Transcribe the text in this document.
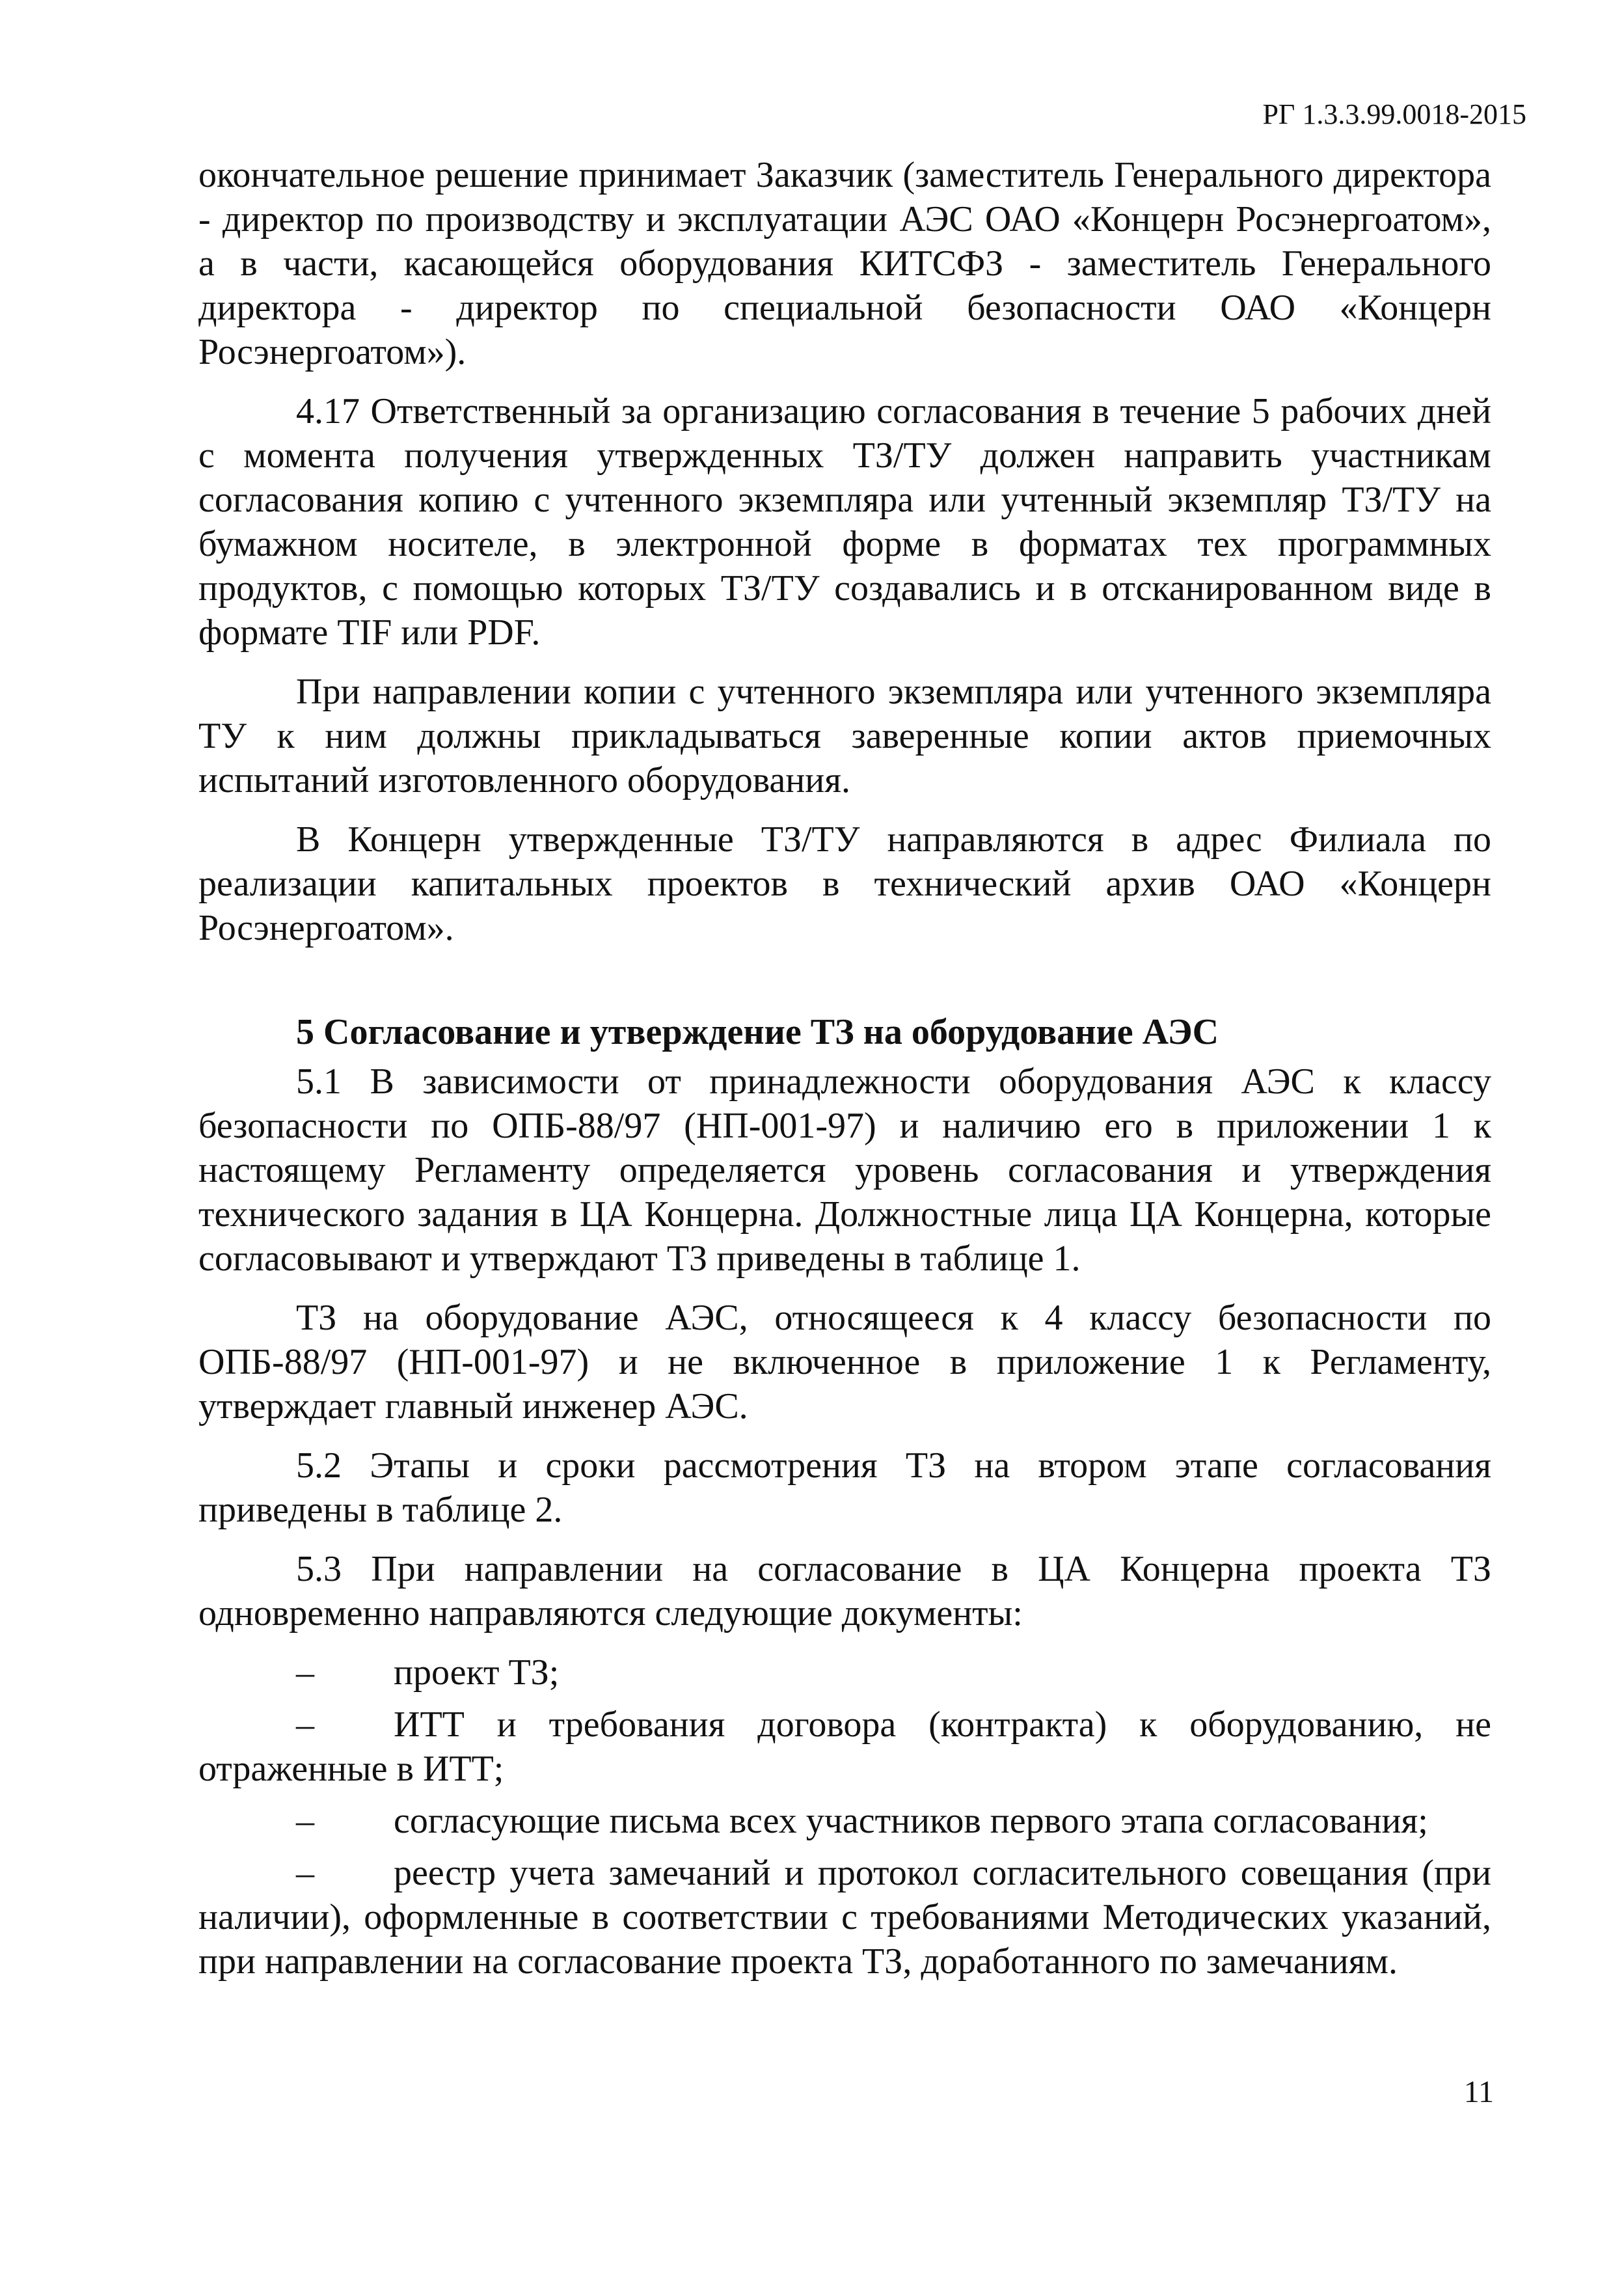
РГ 1.3.3.99.0018-2015

окончательное решение принимает Заказчик (заместитель Генерального директора - директор по производству и эксплуатации АЭС ОАО «Концерн Росэнергоатом», а в части, касающейся оборудования КИТСФЗ - заместитель Генерального директора - директор по специальной безопасности ОАО «Концерн Росэнергоатом»).

4.17 Ответственный за организацию согласования в течение 5 рабочих дней с момента получения утвержденных ТЗ/ТУ должен направить участникам согласования копию с учтенного экземпляра или учтенный экземпляр ТЗ/ТУ на бумажном носителе, в электронной форме в форматах тех программных продуктов, с помощью которых ТЗ/ТУ создавались и в отсканированном виде в формате TIF или PDF.

При направлении копии с учтенного экземпляра или учтенного экземпляра ТУ к ним должны прикладываться заверенные копии актов приемочных испытаний изготовленного оборудования.

В Концерн утвержденные ТЗ/ТУ направляются в адрес Филиала по реализации капитальных проектов в технический архив ОАО «Концерн Росэнергоатом».

5 Согласование и утверждение ТЗ на оборудование АЭС

5.1 В зависимости от принадлежности оборудования АЭС к классу безопасности по ОПБ-88/97 (НП-001-97) и наличию его в приложении 1 к настоящему Регламенту определяется уровень согласования и утверждения технического задания в ЦА Концерна. Должностные лица ЦА Концерна, которые согласовывают и утверждают ТЗ приведены в таблице 1.

ТЗ на оборудование АЭС, относящееся к 4 классу безопасности по ОПБ-88/97 (НП-001-97) и не включенное в приложение 1 к Регламенту, утверждает главный инженер АЭС.

5.2 Этапы и сроки рассмотрения ТЗ на втором этапе согласования приведены в таблице 2.

5.3 При направлении на согласование в ЦА Концерна проекта ТЗ одновременно направляются следующие документы:

– проект ТЗ;

– ИТТ и требования договора (контракта) к оборудованию, не отраженные в ИТТ;

– согласующие письма всех участников первого этапа согласования;

– реестр учета замечаний и протокол согласительного совещания (при наличии), оформленные в соответствии с требованиями Методических указаний, при направлении на согласование проекта ТЗ, доработанного по замечаниям.

11
